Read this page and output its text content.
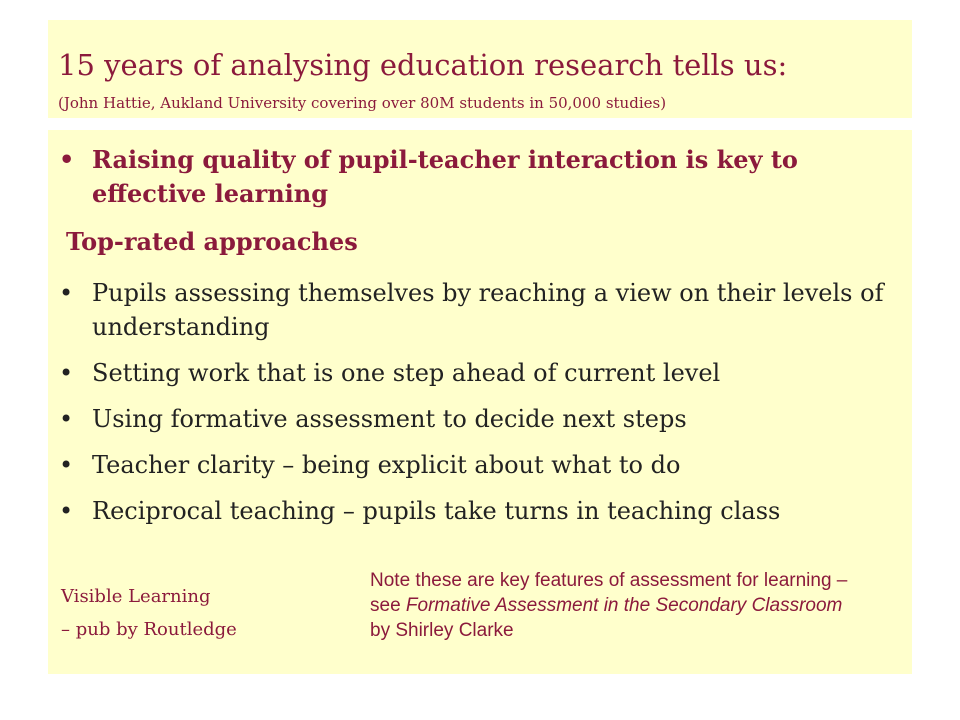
15 years of analysing education research tells us:

(John Hattie, Aukland University covering over 80M students in 50,000 studies)

• Raising quality of pupil-teacher interaction is key to effective learning
Top-rated approaches
• Pupils assessing themselves by reaching a view on their levels of understanding
• Setting work that is one step ahead of current level
• Using formative assessment to decide next steps
• Teacher clarity – being explicit about what to do
• Reciprocal teaching – pupils take turns in teaching class

Visible Learning

– pub by Routledge

Note these are key features of assessment for learning – see Formative Assessment in the Secondary Classroom by Shirley Clarke
